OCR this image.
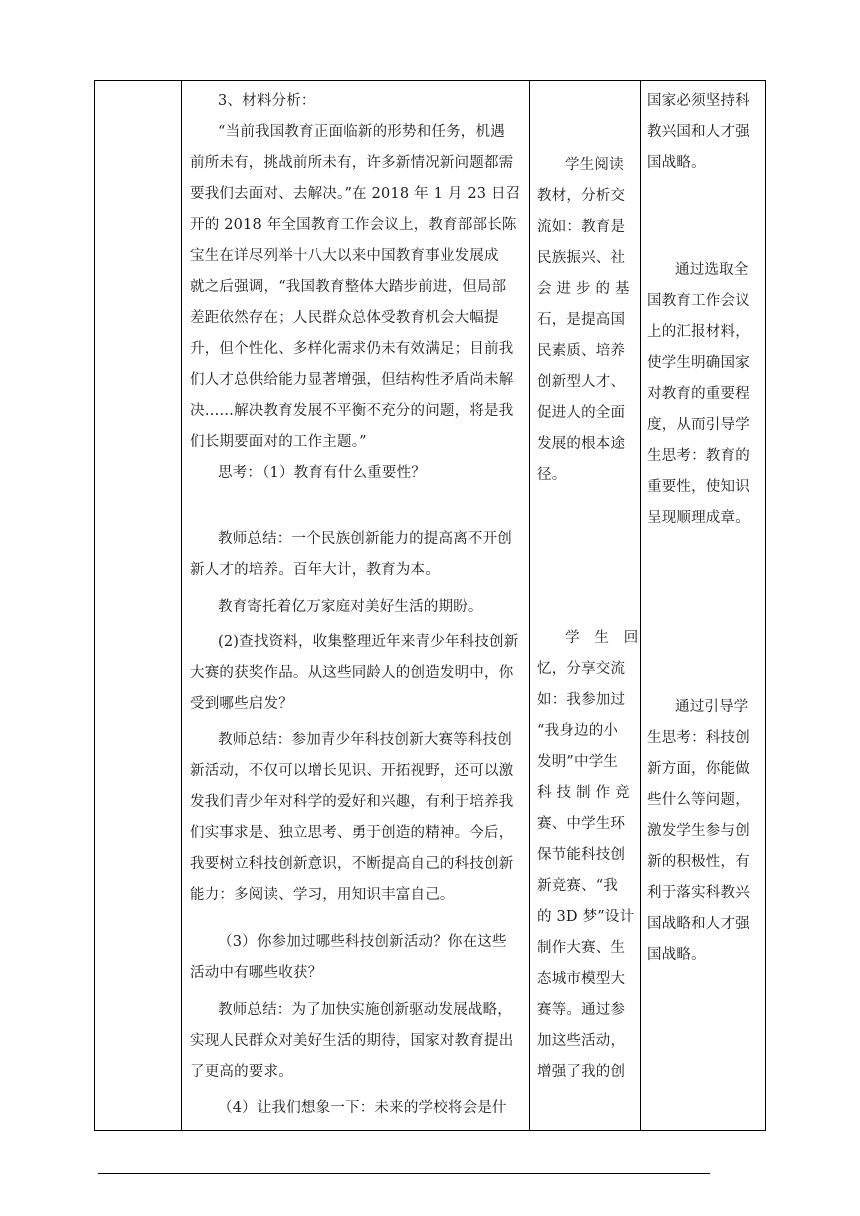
3、材料分析：
“当前我国教育正面临新的形势和任务，机遇
前所未有，挑战前所未有，许多新情况新问题都需
要我们去面对、去解决。”在 2018 年 1 月 23 日召
开的 2018 年全国教育工作会议上，教育部部长陈
宝生在详尽列举十八大以来中国教育事业发展成
就之后强调，“我国教育整体大踏步前进，但局部
差距依然存在；人民群众总体受教育机会大幅提
升，但个性化、多样化需求仍未有效满足；目前我
们人才总供给能力显著增强，但结构性矛盾尚未解
决……解决教育发展不平衡不充分的问题，将是我
们长期要面对的工作主题。”
思考：（1）教育有什么重要性？
教师总结：一个民族创新能力的提高离不开创
新人才的培养。百年大计，教育为本。
教育寄托着亿万家庭对美好生活的期盼。
(2)查找资料，收集整理近年来青少年科技创新
大赛的获奖作品。从这些同龄人的创造发明中，你
受到哪些启发？
教师总结：参加青少年科技创新大赛等科技创
新活动，不仅可以增长见识、开拓视野，还可以激
发我们青少年对科学的爱好和兴趣，有利于培养我
们实事求是、独立思考、勇于创造的精神。今后，
我要树立科技创新意识，不断提高自己的科技创新
能力：多阅读、学习，用知识丰富自己。
（3）你参加过哪些科技创新活动？你在这些
活动中有哪些收获？
教师总结：为了加快实施创新驱动发展战略，
实现人民群众对美好生活的期待，国家对教育提出
了更高的要求。
（4）让我们想象一下：未来的学校将会是什
学生阅读
教材，分析交
流如：教育是
民族振兴、社
会 进 步 的 基
石，是提高国
民素质、培养
创新型人才、
促进人的全面
发展的根本途
径。
学　生　回
忆，分享交流
如：我参加过
“我身边的小
发明”中学生
科 技 制 作 竞
赛、中学生环
保节能科技创
新竞赛、“我
的 3D 梦”设计
制作大赛、生
态城市模型大
赛等。通过参
加这些活动，
增强了我的创
国家必须坚持科
教兴国和人才强
国战略。
通过选取全
国教育工作会议
上的汇报材料，
使学生明确国家
对教育的重要程
度，从而引导学
生思考：教育的
重要性，使知识
呈现顺理成章。
通过引导学
生思考：科技创
新方面，你能做
些什么等问题，
激发学生参与创
新的积极性，有
利于落实科教兴
国战略和人才强
国战略。
